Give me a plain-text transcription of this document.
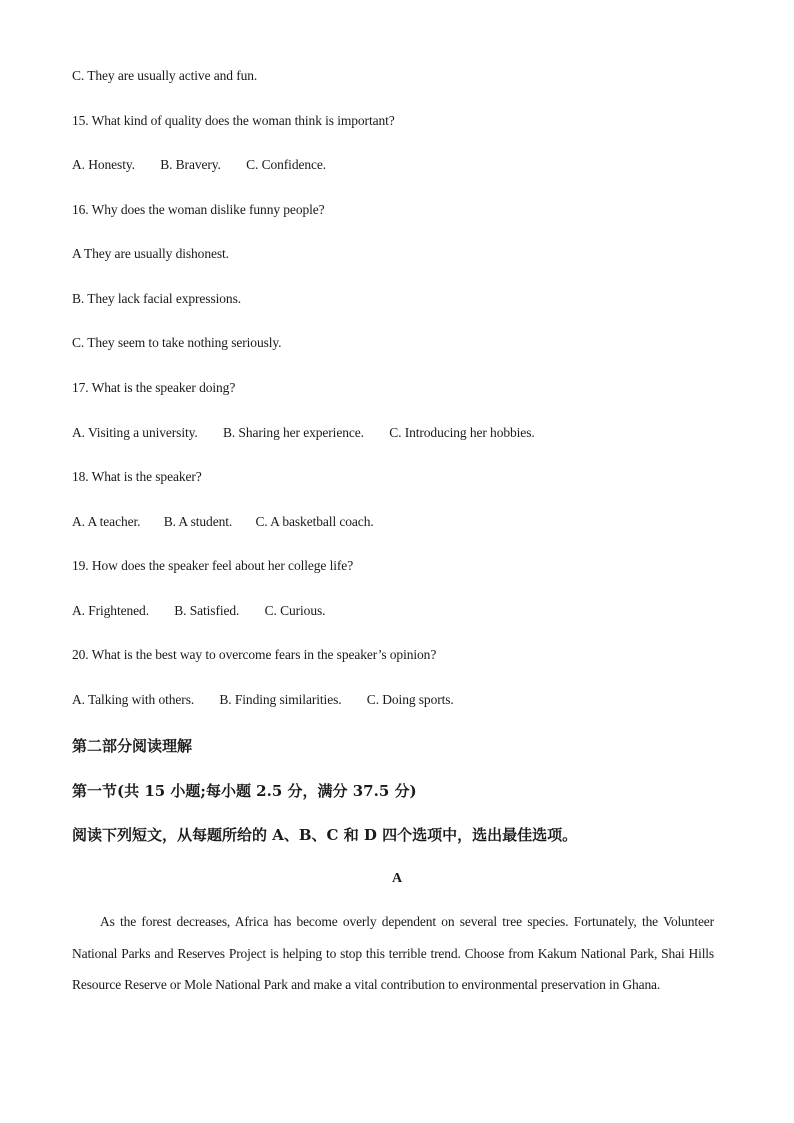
C. They are usually active and fun.
15. What kind of quality does the woman think is important?
A. Honesty. B. Bravery. C. Confidence.
16. Why does the woman dislike funny people?
A They are usually dishonest.
B. They lack facial expressions.
C. They seem to take nothing seriously.
17. What is the speaker doing?
A. Visiting a university. B. Sharing her experience. C. Introducing her hobbies.
18. What is the speaker?
A. A teacher. B. A student. C. A basketball coach.
19. How does the speaker feel about her college life?
A. Frightened. B. Satisfied. C. Curious.
20. What is the best way to overcome fears in the speaker’s opinion?
A. Talking with others. B. Finding similarities. C. Doing sports.
第二部分阅读理解
第一节(共 15 小题;每小题 2.5 分，满分 37.5 分)
阅读下列短文，从每题所给的 A、B、C 和 D 四个选项中，选出最佳选项。
A
As the forest decreases, Africa has become overly dependent on several tree species. Fortunately, the Volunteer National Parks and Reserves Project is helping to stop this terrible trend. Choose from Kakum National Park, Shai Hills Resource Reserve or Mole National Park and make a vital contribution to environmental preservation in Ghana.
